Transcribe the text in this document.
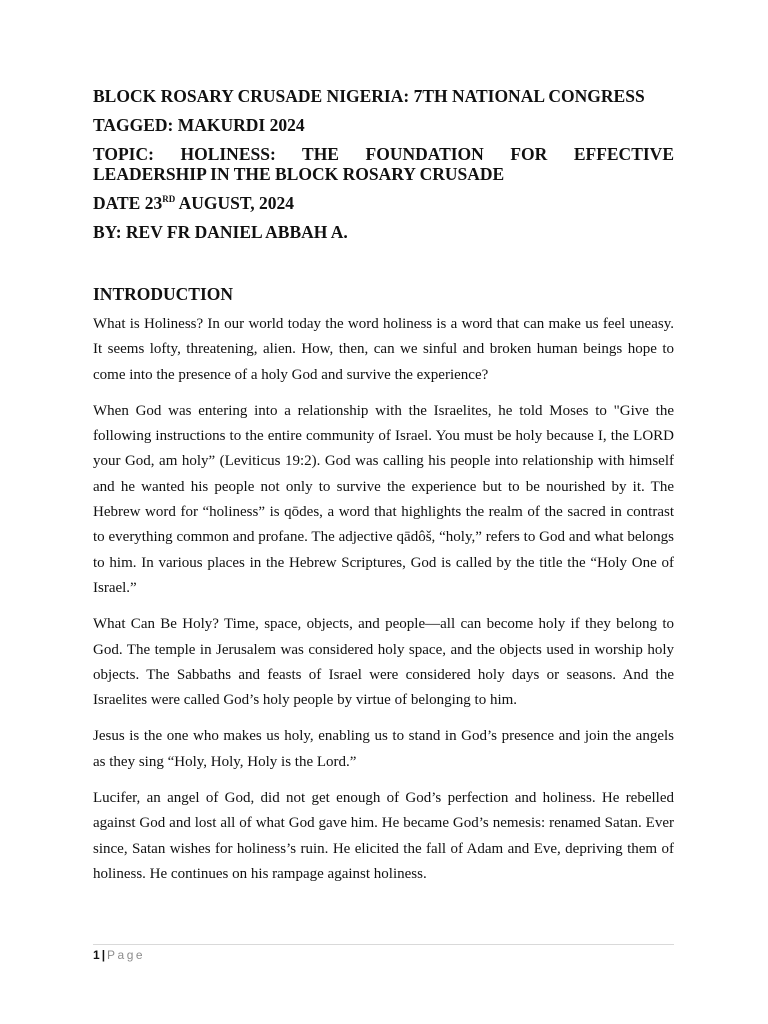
BLOCK ROSARY CRUSADE NIGERIA: 7TH NATIONAL CONGRESS
TAGGED: MAKURDI 2024
TOPIC: HOLINESS: THE FOUNDATION FOR EFFECTIVE LEADERSHIP IN THE BLOCK ROSARY CRUSADE
DATE 23RD AUGUST, 2024
BY: REV FR DANIEL ABBAH A.
INTRODUCTION

What is Holiness? In our world today the word holiness is a word that can make us feel uneasy. It seems lofty, threatening, alien. How, then, can we sinful and broken human beings hope to come into the presence of a holy God and survive the experience?

When God was entering into a relationship with the Israelites, he told Moses to "Give the following instructions to the entire community of Israel. You must be holy because I, the LORD your God, am holy” (Leviticus 19:2). God was calling his people into relationship with himself and he wanted his people not only to survive the experience but to be nourished by it. The Hebrew word for “holiness” is qōdes, a word that highlights the realm of the sacred in contrast to everything common and profane. The adjective qādôš, “holy,” refers to God and what belongs to him. In various places in the Hebrew Scriptures, God is called by the title the “Holy One of Israel.”

What Can Be Holy? Time, space, objects, and people—all can become holy if they belong to God. The temple in Jerusalem was considered holy space, and the objects used in worship holy objects. The Sabbaths and feasts of Israel were considered holy days or seasons. And the Israelites were called God’s holy people by virtue of belonging to him.

Jesus is the one who makes us holy, enabling us to stand in God’s presence and join the angels as they sing “Holy, Holy, Holy is the Lord.”

Lucifer, an angel of God, did not get enough of God’s perfection and holiness. He rebelled against God and lost all of what God gave him. He became God’s nemesis: renamed Satan. Ever since, Satan wishes for holiness’s ruin. He elicited the fall of Adam and Eve, depriving them of holiness. He continues on his rampage against holiness.

1 | Page
